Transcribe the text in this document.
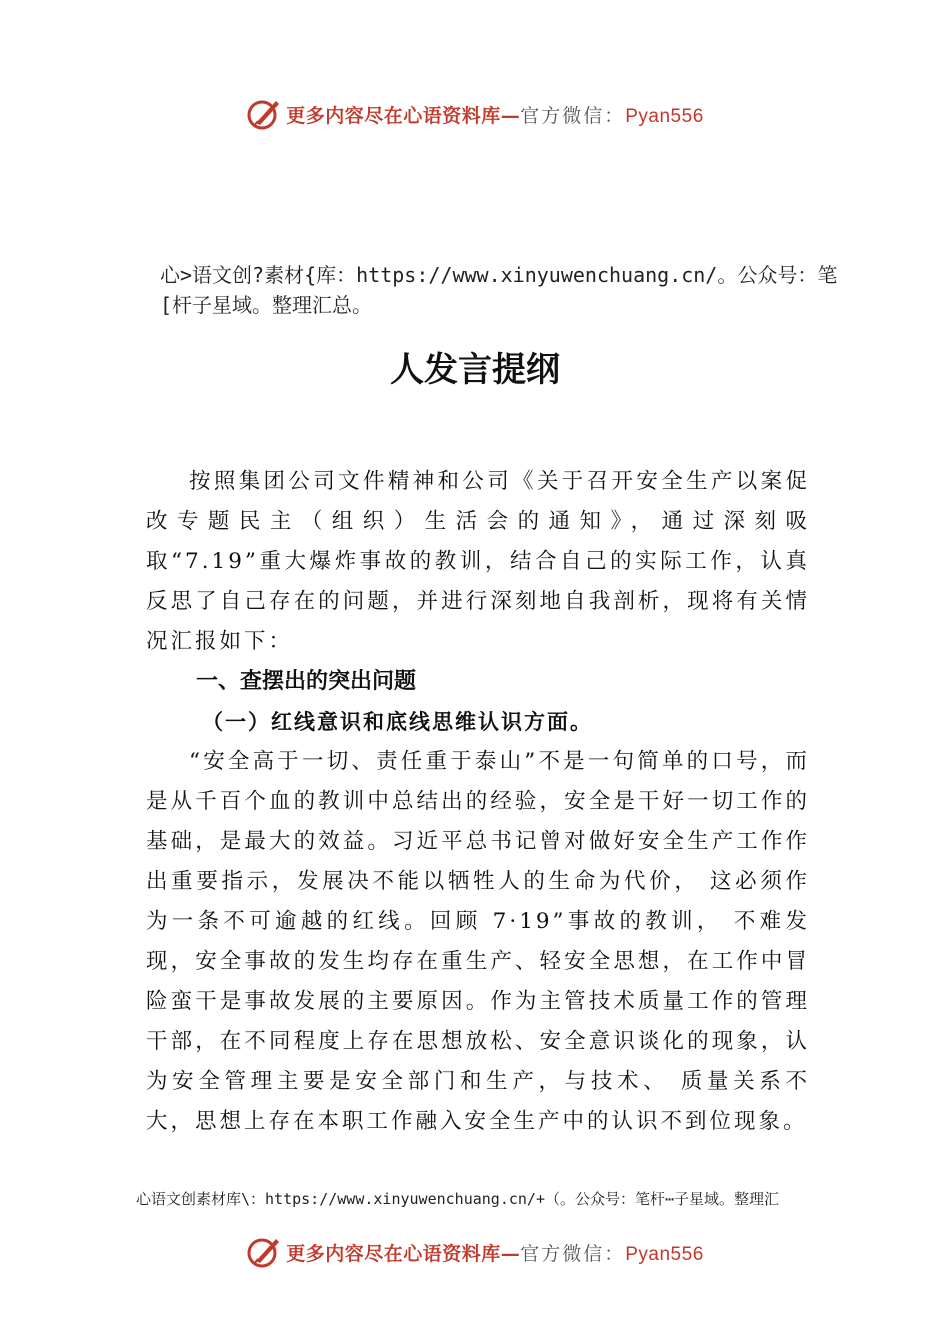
更多内容尽在心语资料库—官方微信：Pyan556
心>语文创?素材{库：https://www.xinyuwenchuang.cn/。公众号：笔[杆子星域。整理汇总。
人发言提纲

按照集团公司文件精神和公司《关于召开安全生产以案促改专题民主（组织）生活会的通知》，通过深刻吸取“7.19”重大爆炸事故的教训，结合自己的实际工作，认真反思了自己存在的问题，并进行深刻地自我剖析，现将有关情况汇报如下：

一、查摆出的突出问题

（一）红线意识和底线思维认识方面。

“安全高于一切、责任重于泰山”不是一句简单的口号，而是从千百个血的教训中总结出的经验，安全是干好一切工作的基础，是最大的效益。习近平总书记曾对做好安全生产工作作出重要指示，发展决不能以牺牲人的生命为代价， 这必须作为一条不可逾越的红线。回顾 7·19”事故的教训， 不难发现，安全事故的发生均存在重生产、轻安全思想，在工作中冒险蛮干是事故发展的主要原因。作为主管技术质量工作的管理干部，在不同程度上存在思想放松、安全意识谈化的现象，认为安全管理主要是安全部门和生产，与技术、 质量关系不大，思想上存在本职工作融入安全生产中的认识不到位现象。

心语文创素材库\：https://www.xinyuwenchuang.cn/+（。公众号：笔杆⋯子星域。整理汇
更多内容尽在心语资料库—官方微信：Pyan556
